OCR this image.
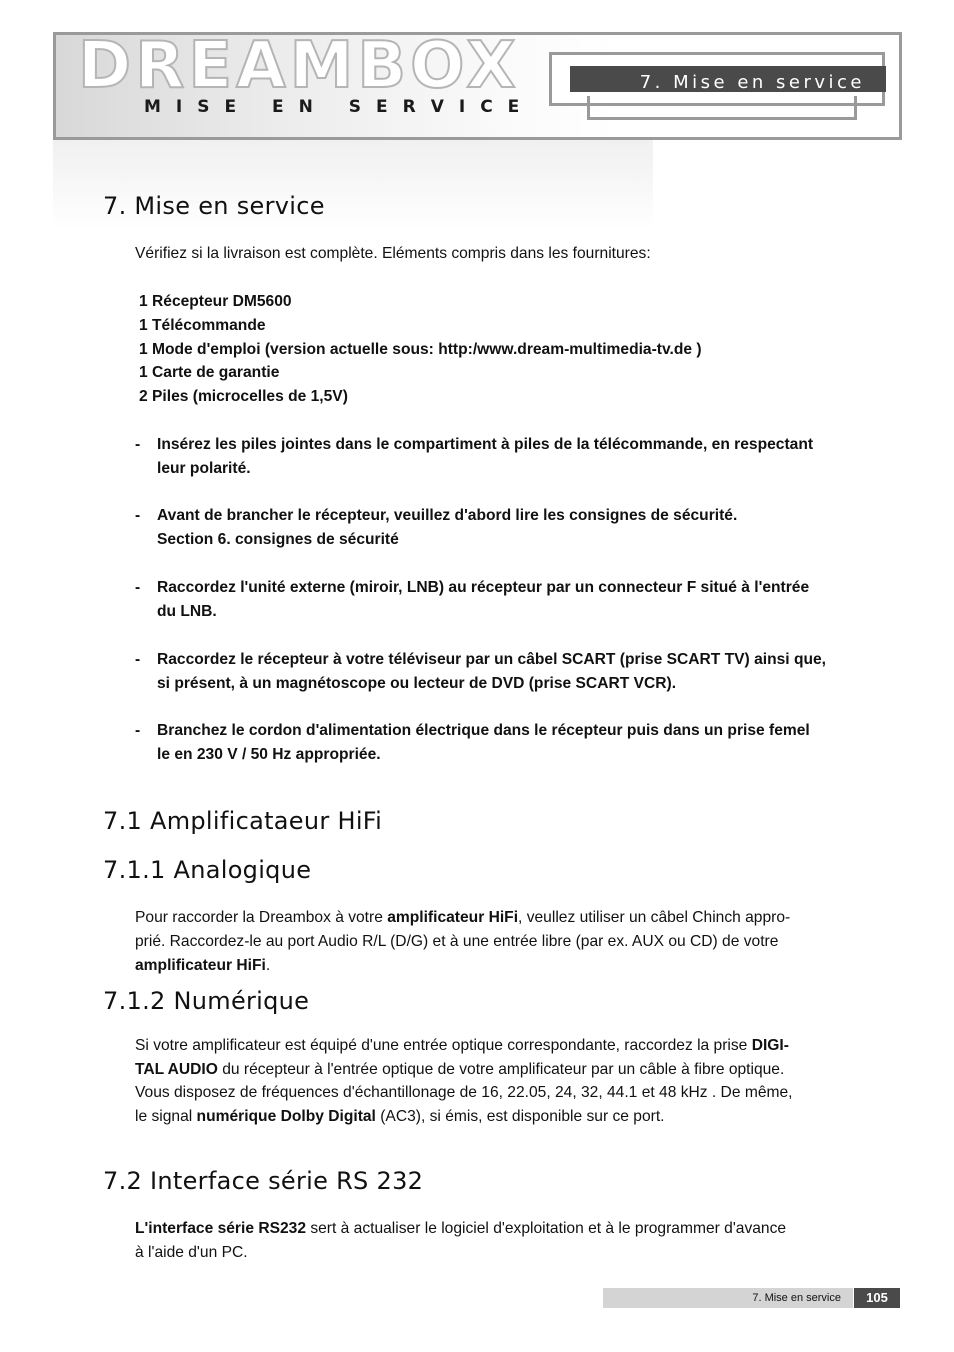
DREAMBOX
MISE EN SERVICE
7. Mise en service
7. Mise en service

Vérifiez si la livraison est complète. Eléments compris dans les fournitures:

1 Récepteur DM5600

1 Télécommande

1 Mode d'emploi (version actuelle sous: http:/www.dream-multimedia-tv.de )

1 Carte de garantie

2 Piles (microcelles de 1,5V)

- Insérez les piles jointes dans le compartiment à piles de la télécommande, en respectant
leur polarité.
- Avant de brancher le récepteur, veuillez d'abord lire les consignes de sécurité.
Section 6. consignes de sécurité
- Raccordez l'unité externe (miroir, LNB) au récepteur par un connecteur F situé à l'entrée
du LNB.
- Raccordez le récepteur à votre téléviseur par un câbel SCART (prise SCART TV) ainsi que,
si présent, à un magnétoscope ou lecteur de DVD (prise SCART VCR).
- Branchez le cordon d'alimentation électrique dans le récepteur puis dans un prise femel
le en 230 V / 50 Hz appropriée.
7.1 Amplificataeur HiFi
7.1.1 Analogique

Pour raccorder la Dreambox à votre amplificateur HiFi, veullez utiliser un câbel Chinch appro-

prié. Raccordez-le au port Audio R/L (D/G) et à une entrée libre (par ex. AUX ou CD) de votre

amplificateur HiFi.

7.1.2 Numérique

Si votre amplificateur est équipé d'une entrée optique correspondante, raccordez la prise DIGI-

TAL AUDIO du récepteur à l'entrée optique de votre amplificateur par un câble à fibre optique.

Vous disposez de fréquences d'échantillonage de 16, 22.05, 24, 32, 44.1 et 48 kHz . De même,

le signal numérique Dolby Digital (AC3), si émis, est disponible sur ce port.

7.2 Interface série RS 232

L'interface série RS232 sert à actualiser le logiciel d'exploitation et à le programmer d'avance

à l'aide d'un PC.

7. Mise en service	105
